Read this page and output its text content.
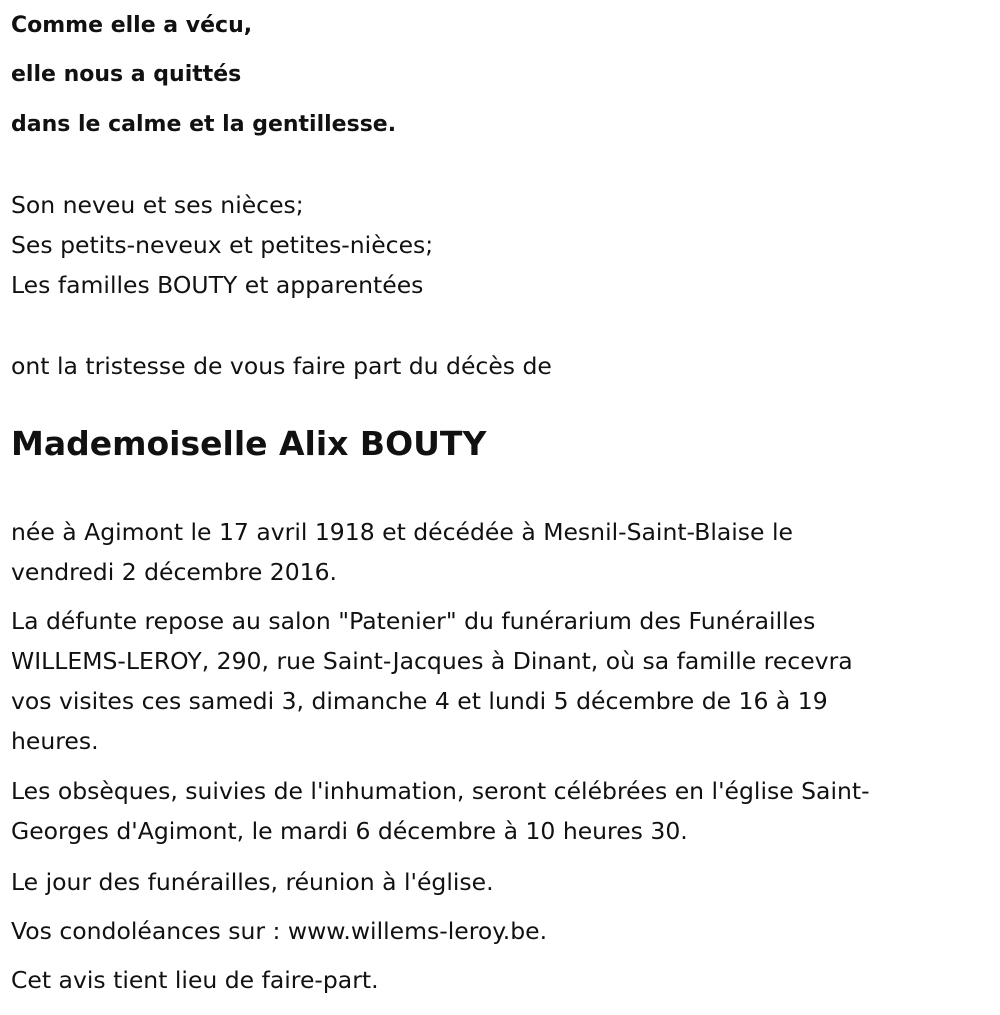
Comme elle a vécu,
elle nous a quittés
dans le calme et la gentillesse.
Son neveu et ses nièces;
Ses petits-neveux et petites-nièces;
Les familles BOUTY et apparentées
ont la tristesse de vous faire part du décès de
Mademoiselle Alix BOUTY
née à Agimont le 17 avril 1918 et décédée à Mesnil-Saint-Blaise le
vendredi 2 décembre 2016.
La défunte repose au salon "Patenier" du funérarium des Funérailles
WILLEMS-LEROY, 290, rue Saint-Jacques à Dinant, où sa famille recevra
vos visites ces samedi 3, dimanche 4 et lundi 5 décembre de 16 à 19
heures.
Les obsèques, suivies de l'inhumation, seront célébrées en l'église Saint-
Georges d'Agimont, le mardi 6 décembre à 10 heures 30.
Le jour des funérailles, réunion à l'église.
Vos condoléances sur : www.willems-leroy.be.
Cet avis tient lieu de faire-part.
